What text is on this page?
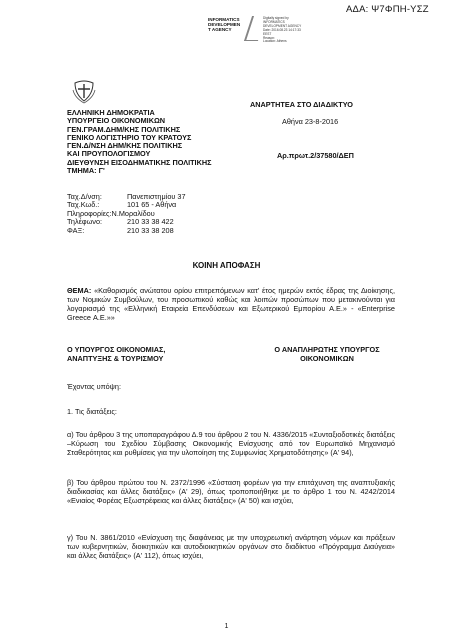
ΑΔΑ: Ψ7ΦΠΗ-ΥΣΖ
INFORMATICS
DEVELOPMEN
T AGENCY
Digitally signed by
INFORMATICS
DEVELOPMENT AGENCY
Date: 2016.08.23 14:17:33
EEST
Reason:
Location: Athens
ΕΛΛΗΝΙΚΗ ΔΗΜΟΚΡΑΤΙΑ
ΥΠΟΥΡΓΕΙΟ ΟΙΚΟΝΟΜΙΚΩΝ
ΓΕΝ.ΓΡΑΜ.ΔΗΜ/ΚΗΣ ΠΟΛΙΤΙΚΗΣ
ΓΕΝΙΚΟ ΛΟΓΙΣΤΗΡΙΟ ΤΟΥ ΚΡΑΤΟΥΣ
ΓΕΝ.Δ/ΝΣΗ ΔΗΜ/ΚΗΣ ΠΟΛΙΤΙΚΗΣ
ΚΑΙ ΠΡΟΥΠΟΛΟΓΙΣΜΟΥ
ΔΙΕΥΘΥΝΣΗ ΕΙΣΟΔΗΜΑΤΙΚΗΣ ΠΟΛΙΤΙΚΗΣ
ΤΜΗΜΑ: Γ'
ΑΝΑΡΤΗΤΕΑ ΣΤΟ ΔΙΑΔΙΚΤΥΟ
Αθήνα 23-8-2016
Αρ.πρωτ.2/37580/ΔΕΠ
Ταχ.Δ/νση:	Πανεπιστημίου 37
Ταχ.Κωδ.:	101 65 - Αθήνα
Πληροφορίες: Ν.Μοραλίδου
Τηλέφωνο:	210 33 38 422
ΦΑΞ:	210 33 38 208
ΚΟΙΝΗ ΑΠΟΦΑΣΗ
ΘΕΜΑ: «Καθορισμός ανώτατου ορίου επιτρεπόμενων κατ' έτος ημερών εκτός έδρας της Διοίκησης, των Νομικών Συμβούλων, του προσωπικού καθώς και λοιπών προσώπων που μετακινούνται για λογαριασμό της «Ελληνική Εταιρεία Επενδύσεων και Εξωτερικού Εμπορίου Α.Ε.» - «Enterprise Greece Α.Ε.»»
Ο ΥΠΟΥΡΓΟΣ ΟΙΚΟΝΟΜΙΑΣ,
ΑΝΑΠΤΥΞΗΣ & ΤΟΥΡΙΣΜΟΥ
Ο ΑΝΑΠΛΗΡΩΤΗΣ ΥΠΟΥΡΓΟΣ
ΟΙΚΟΝΟΜΙΚΩΝ
Έχοντας υπόψη:
1. Τις διατάξεις:
α) Του άρθρου 3 της υποπαραγράφου Δ.9 του άρθρου 2 του Ν. 4336/2015 «Συνταξιοδοτικές διατάξεις –Κύρωση του Σχεδίου Σύμβασης Οικονομικής Ενίσχυσης από τον Ευρωπαϊκό Μηχανισμό Σταθερότητας και ρυθμίσεις για την υλοποίηση της Συμφωνίας Χρηματοδότησης» (Α' 94),
β) Του άρθρου πρώτου του Ν. 2372/1996 «Σύσταση φορέων για την επιτάχυνση της αναπτυξιακής διαδικασίας και άλλες διατάξεις» (Α' 29), όπως τροποποιήθηκε με το άρθρο 1 του Ν. 4242/2014 «Ενιαίος Φορέας Εξωστρέφειας και άλλες διατάξεις» (Α' 50) και ισχύει,
γ) Του Ν. 3861/2010 «Ενίσχυση της διαφάνειας με την υποχρεωτική ανάρτηση νόμων και πράξεων των κυβερνητικών, διοικητικών και αυτοδιοικητικών οργάνων στο διαδίκτυο «Πρόγραμμα Διαύγεια» και άλλες διατάξεις» (Α' 112), όπως ισχύει,
1
